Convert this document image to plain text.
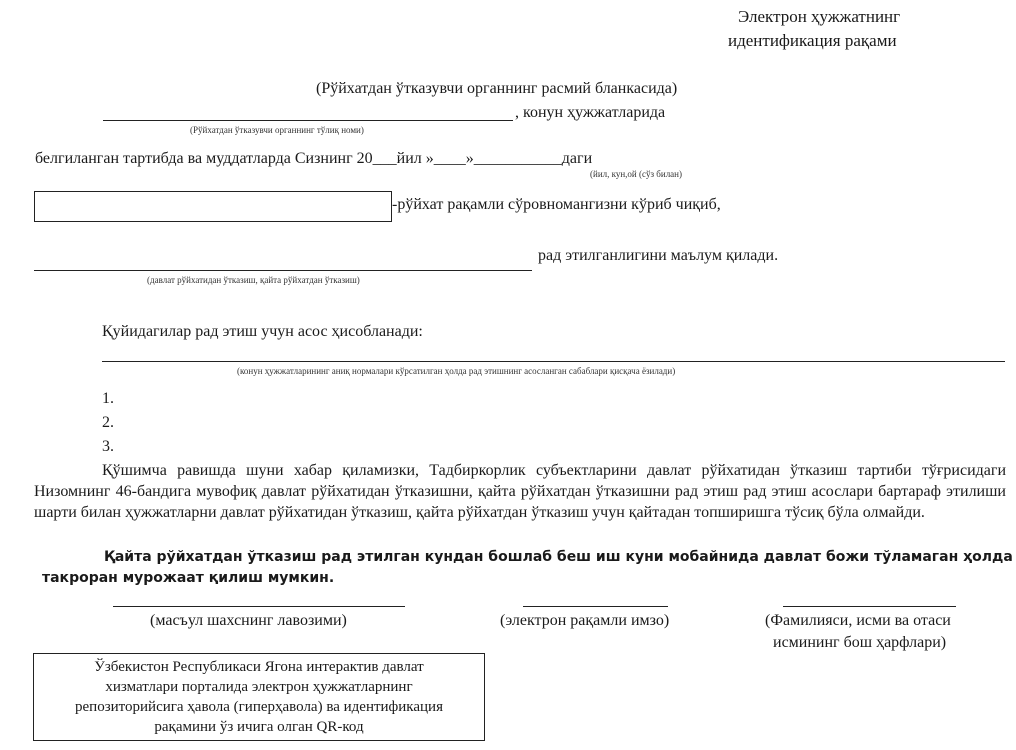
Электрон ҳужжатнинг
идентификация рақами
(Рўйхатдан ўтказувчи органнинг расмий бланкасида)
, конун ҳужжатларида
(Рўйхатдан ўтказувчи органнинг тўлиқ номи)
белгиланган тартибда ва муддатларда Сизнинг 20___йил »____»___________даги
(йил, кун,ой (сўз билан)
-рўйхат рақамли сўровномангизни кўриб чиқиб,
рад этилганлигини маълум қилади.
(давлат рўйхатидан ўтказиш, қайта рўйхатдан ўтказиш)
Қуйидагилар рад этиш учун асос ҳисобланади:
(конун ҳужжатларининг аниқ нормалари кўрсатилган ҳолда рад этишнинг асосланган сабаблари қисқача ёзилади)
1.
2.
3.
Қўшимча равишда шуни хабар қиламизки, Тадбиркорлик субъектларини давлат рўйхатидан ўтказиш тартиби тўғрисидаги Низомнинг 46-бандига мувофиқ давлат рўйхатидан ўтказишни, қайта рўйхатдан ўтказишни рад этиш рад этиш асослари бартараф этилиши шарти билан ҳужжатларни давлат рўйхатидан ўтказиш, қайта рўйхатдан ўтказиш учун қайтадан топширишга тўсиқ бўла олмайди.
Қайта рўйхатдан ўтказиш рад этилган кундан бошлаб беш иш куни мобайнида давлат божи тўламаган ҳолда
такроран мурожаат қилиш мумкин.
(масъул шахснинг лавозими)	(электрон рақамли имзо)	(Фамилияси, исми ва отаси
исмининг бош ҳарфлари)
Ўзбекистон Республикаси Ягона интерактив давлат
хизматлари порталида электрон ҳужжатларнинг
репозиторийсига ҳавола (гиперҳавола) ва идентификация
рақамини ўз ичига олган QR-код
